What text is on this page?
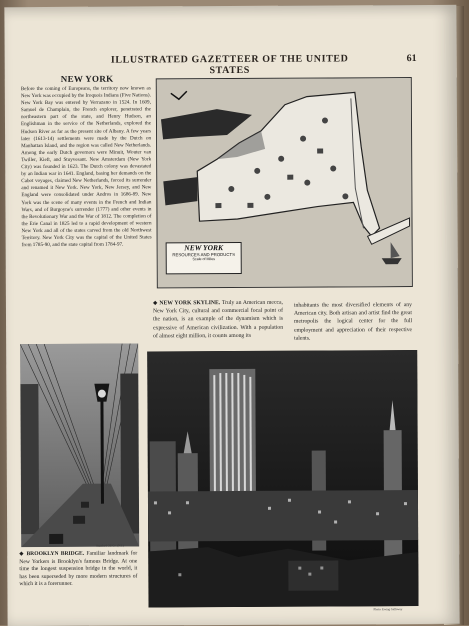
ILLUSTRATED GAZETTEER OF THE UNITED STATES
61
NEW YORK
Before the coming of Europeans, the territory now known as New York was occupied by the Iroquois Indians (Five Nations). New York Bay was entered by Verrazano in 1524. In 1609, Samuel de Champlain, the French explorer, penetrated the northeastern part of the state, and Henry Hudson, an Englishman in the service of the Netherlands, explored the Hudson River as far as the present site of Albany. A few years later (1613-14) settlements were made by the Dutch on Manhattan Island, and the region was called New Netherlands. Among the early Dutch governors were Minuit, Wouter van Twiller, Kieft, and Stuyvesant. New Amsterdam (New York City) was founded in 1623. The Dutch colony was devastated by an Indian war in 1641. England, basing her demands on the Cabot voyages, claimed New Netherlands, forced its surrender and renamed it New York. New York, New Jersey, and New England were consolidated under Andros in 1686-89. New York was the scene of many events in the French and Indian Wars, and of Burgoyne's surrender (1777) and other events in the Revolutionary War and the War of 1812. The completion of the Erie Canal in 1825 led to a rapid development of western New York and all of the states carved from the old Northwest Territory. New York City was the capital of the United States from 1785-90, and the state capital from 1784-97.	NEW YORK
RESOURCES AND PRODUCTS
Scale of Miles
◆ NEW YORK SKYLINE. Truly an American mecca, New York City, cultural and commercial focal point of the nation, is an example of the dynamism which is expressive of American civilization. With a population of almost eight million, it counts among its
inhabitants the most diversified elements of any American city. Both artisan and artist find the great metropolis the logical center for the full employment and appreciation of their respective talents.
Standard Oil Co. (N.J.)
◆ BROOKLYN BRIDGE. Familiar landmark for New Yorkers is Brooklyn's famous Bridge. At one time the longest suspension bridge in the world, it has been superseded by more modern structures of which it is a forerunner.
Photo: Ewing Galloway
